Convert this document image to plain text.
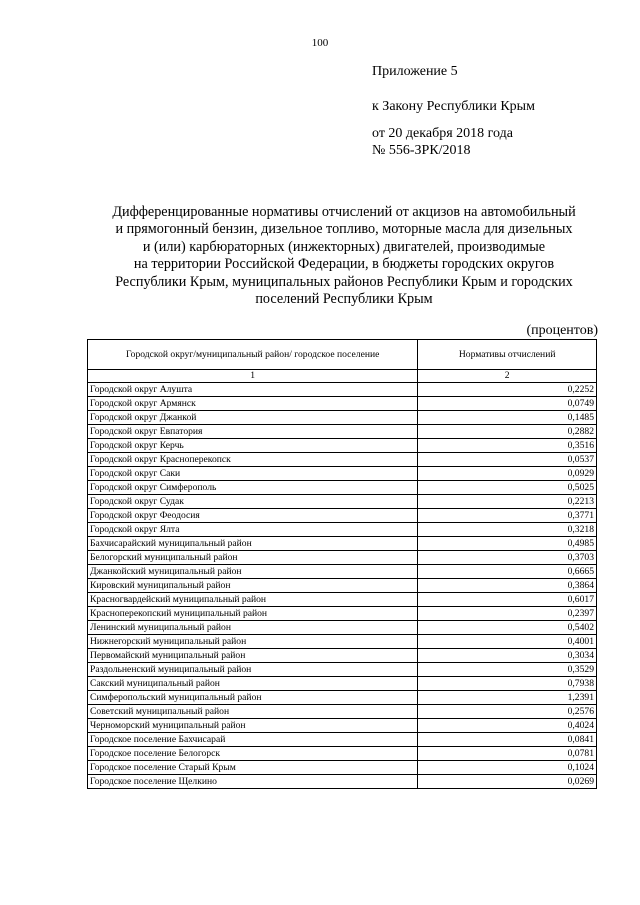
100
Приложение 5
к Закону Республики Крым
от 20 декабря 2018 года
№ 556-ЗРК/2018
Дифференцированные нормативы отчислений от акцизов на автомобильный
и прямогонный бензин, дизельное топливо, моторные масла для дизельных
и (или) карбюраторных (инжекторных) двигателей, производимые
на территории Российской Федерации, в бюджеты городских округов
Республики Крым, муниципальных районов Республики Крым и городских
поселений Республики Крым
(процентов)
Городской округ/муниципальный район/ городское поселение	Нормативы отчислений
1	2
Городской округ Алушта	0,2252
Городской округ Армянск	0,0749
Городской округ Джанкой	0,1485
Городской округ Евпатория	0,2882
Городской округ Керчь	0,3516
Городской округ Красноперекопск	0,0537
Городской округ Саки	0,0929
Городской округ Симферополь	0,5025
Городской округ Судак	0,2213
Городской округ Феодосия	0,3771
Городской округ Ялта	0,3218
Бахчисарайский муниципальный район	0,4985
Белогорский муниципальный район	0,3703
Джанкойский муниципальный район	0,6665
Кировский муниципальный район	0,3864
Красногвардейский муниципальный район	0,6017
Красноперекопский муниципальный район	0,2397
Ленинский муниципальный район	0,5402
Нижнегорский муниципальный район	0,4001
Первомайский муниципальный район	0,3034
Раздольненский муниципальный район	0,3529
Сакский муниципальный район	0,7938
Симферопольский муниципальный район	1,2391
Советский муниципальный район	0,2576
Черноморский муниципальный район	0,4024
Городское поселение Бахчисарай	0,0841
Городское поселение Белогорск	0,0781
Городское поселение Старый Крым	0,1024
Городское поселение Щелкино	0,0269
